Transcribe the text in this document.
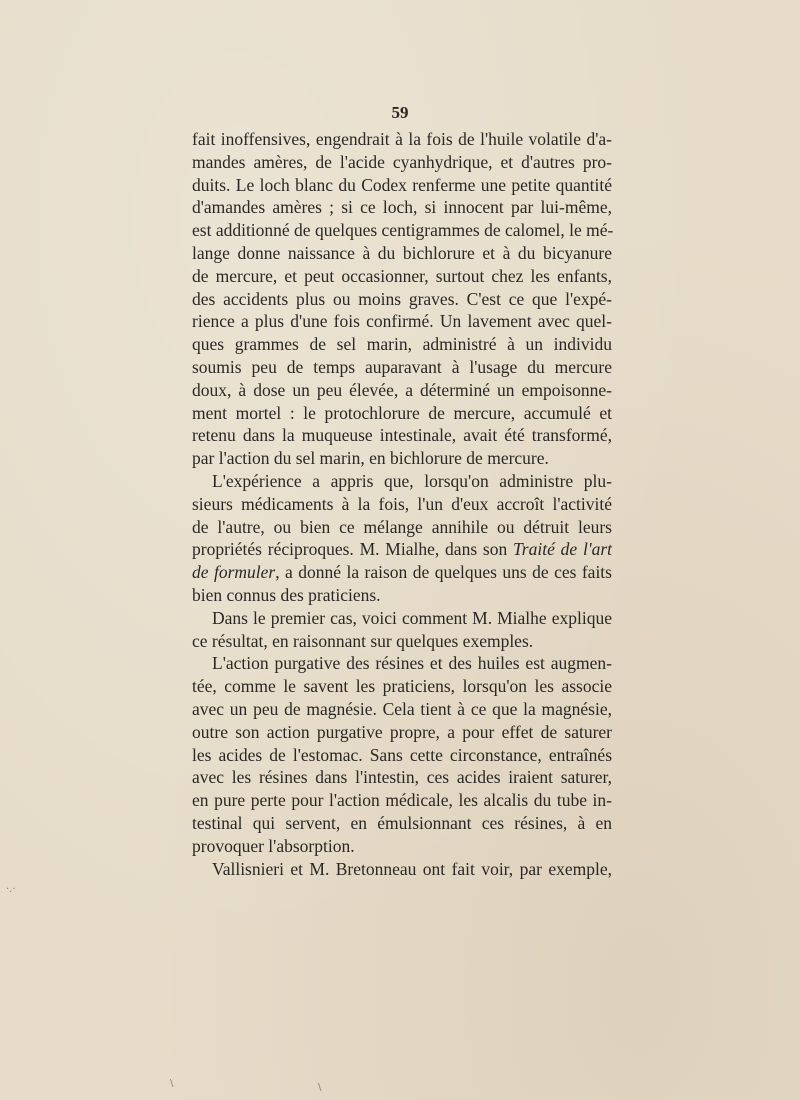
59
fait inoffensives, engendrait à la fois de l'huile volatile d'a-
mandes amères, de l'acide cyanhydrique, et d'autres pro-
duits. Le loch blanc du Codex renferme une petite quantité
d'amandes amères ; si ce loch, si innocent par lui-même,
est additionné de quelques centigrammes de calomel, le mé-
lange donne naissance à du bichlorure et à du bicyanure
de mercure, et peut occasionner, surtout chez les enfants,
des accidents plus ou moins graves. C'est ce que l'expé-
rience a plus d'une fois confirmé. Un lavement avec quel-
ques grammes de sel marin, administré à un individu
soumis peu de temps auparavant à l'usage du mercure
doux, à dose un peu élevée, a déterminé un empoisonne-
ment mortel : le protochlorure de mercure, accumulé et
retenu dans la muqueuse intestinale, avait été transformé,
par l'action du sel marin, en bichlorure de mercure.
L'expérience a appris que, lorsqu'on administre plu-
sieurs médicaments à la fois, l'un d'eux accroît l'activité
de l'autre, ou bien ce mélange annihile ou détruit leurs
propriétés réciproques. M. Mialhe, dans son Traité de l'art
de formuler, a donné la raison de quelques uns de ces faits
bien connus des praticiens.
Dans le premier cas, voici comment M. Mialhe explique
ce résultat, en raisonnant sur quelques exemples.
L'action purgative des résines et des huiles est augmen-
tée, comme le savent les praticiens, lorsqu'on les associe
avec un peu de magnésie. Cela tient à ce que la magnésie,
outre son action purgative propre, a pour effet de saturer
les acides de l'estomac. Sans cette circonstance, entraînés
avec les résines dans l'intestin, ces acides iraient saturer,
en pure perte pour l'action médicale, les alcalis du tube in-
testinal qui servent, en émulsionnant ces résines, à en
provoquer l'absorption.
Vallisnieri et M. Bretonneau ont fait voir, par exemple,
·.·
\	\
